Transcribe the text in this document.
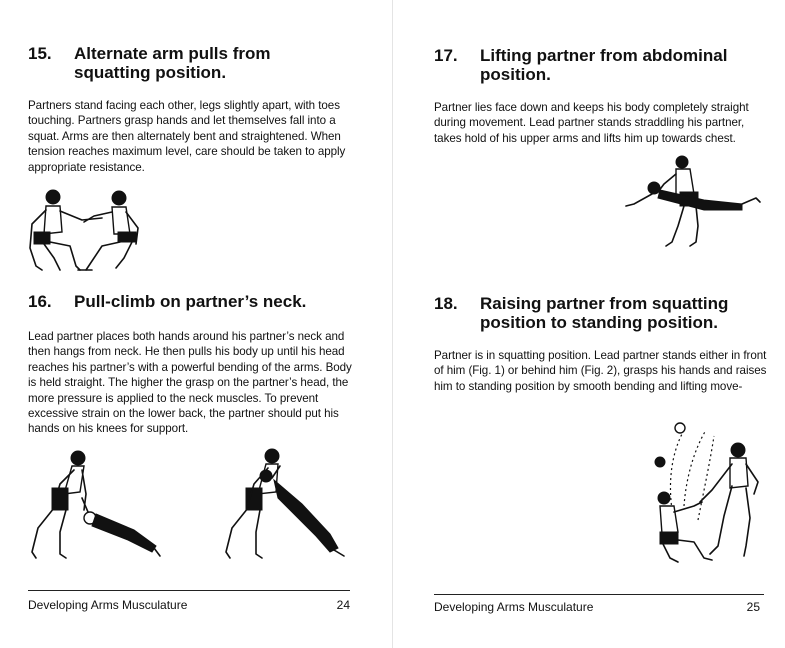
15.	Alternate arm pulls from
squatting position.

Partners stand facing each other, legs slightly apart, with toes touching. Partners grasp hands and let themselves fall into a squat. Arms are then alternately bent and straightened. When tension reaches maximum level, care should be taken to apply appropriate resistance.

16.	Pull-climb on partner’s neck.

Lead partner places both hands around his partner’s neck and then hangs from neck. He then pulls his body up until his head reaches his partner’s with a powerful bending of the arms. Body is held straight. The higher the grasp on the partner’s head, the more pressure is applied to the neck muscles. To prevent excessive strain on the lower back, the partner should put his hands on his knees for support.

Developing Arms Musculature	24
17.	Lifting partner from abdominal
position.

Partner lies face down and keeps his body completely straight during movement. Lead partner stands straddling his partner, takes hold of his upper arms and lifts him up towards chest.

18.	Raising partner from squatting
position to standing position.

Partner is in squatting position. Lead partner stands either in front of him (Fig. 1) or behind him (Fig. 2), grasps his hands and raises him to standing position by smooth bending and lifting move-

Developing Arms Musculature	25
